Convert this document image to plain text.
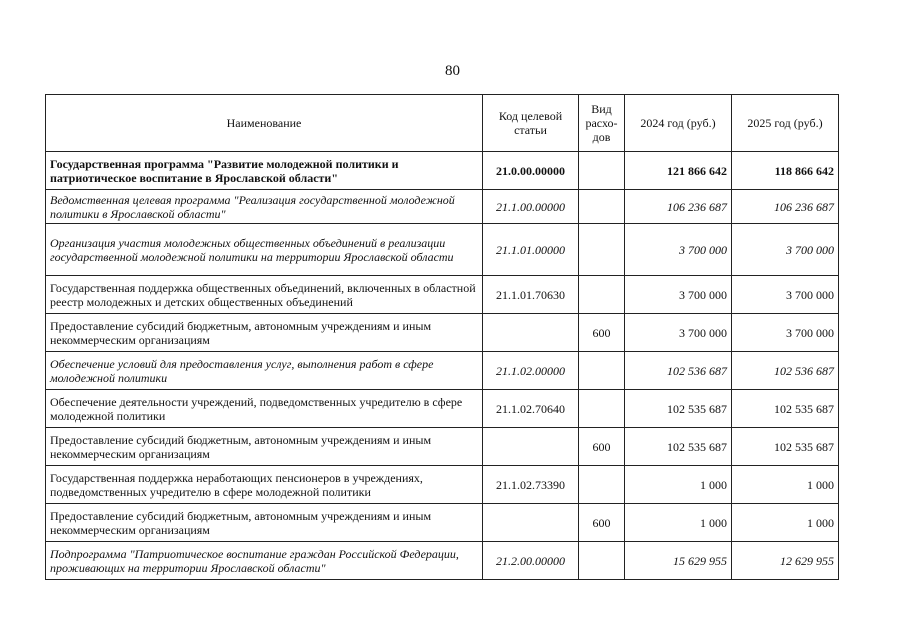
80
Наименование	Код целевой статьи	Вид расхо-дов	2024 год (руб.)	2025 год (руб.)
Государственная программа "Развитие молодежной политики и патриотическое воспитание в Ярославской области"	21.0.00.00000		121 866 642	118 866 642
Ведомственная целевая программа "Реализация государственной молодежной политики в Ярославской области"	21.1.00.00000		106 236 687	106 236 687
Организация участия молодежных общественных объединений в реализации государственной молодежной политики на территории Ярославской области	21.1.01.00000		3 700 000	3 700 000
Государственная поддержка общественных объединений, включенных в областной реестр молодежных и детских общественных объединений	21.1.01.70630		3 700 000	3 700 000
Предоставление субсидий бюджетным, автономным учреждениям и иным некоммерческим организациям		600	3 700 000	3 700 000
Обеспечение условий для предоставления услуг, выполнения работ в сфере молодежной политики	21.1.02.00000		102 536 687	102 536 687
Обеспечение деятельности учреждений, подведомственных учредителю в сфере молодежной политики	21.1.02.70640		102 535 687	102 535 687
Предоставление субсидий бюджетным, автономным учреждениям и иным некоммерческим организациям		600	102 535 687	102 535 687
Государственная поддержка неработающих пенсионеров в учреждениях, подведомственных учредителю в сфере молодежной политики	21.1.02.73390		1 000	1 000
Предоставление субсидий бюджетным, автономным учреждениям и иным некоммерческим организациям		600	1 000	1 000
Подпрограмма "Патриотическое воспитание граждан Российской Федерации, проживающих на территории Ярославской области"	21.2.00.00000		15 629 955	12 629 955
